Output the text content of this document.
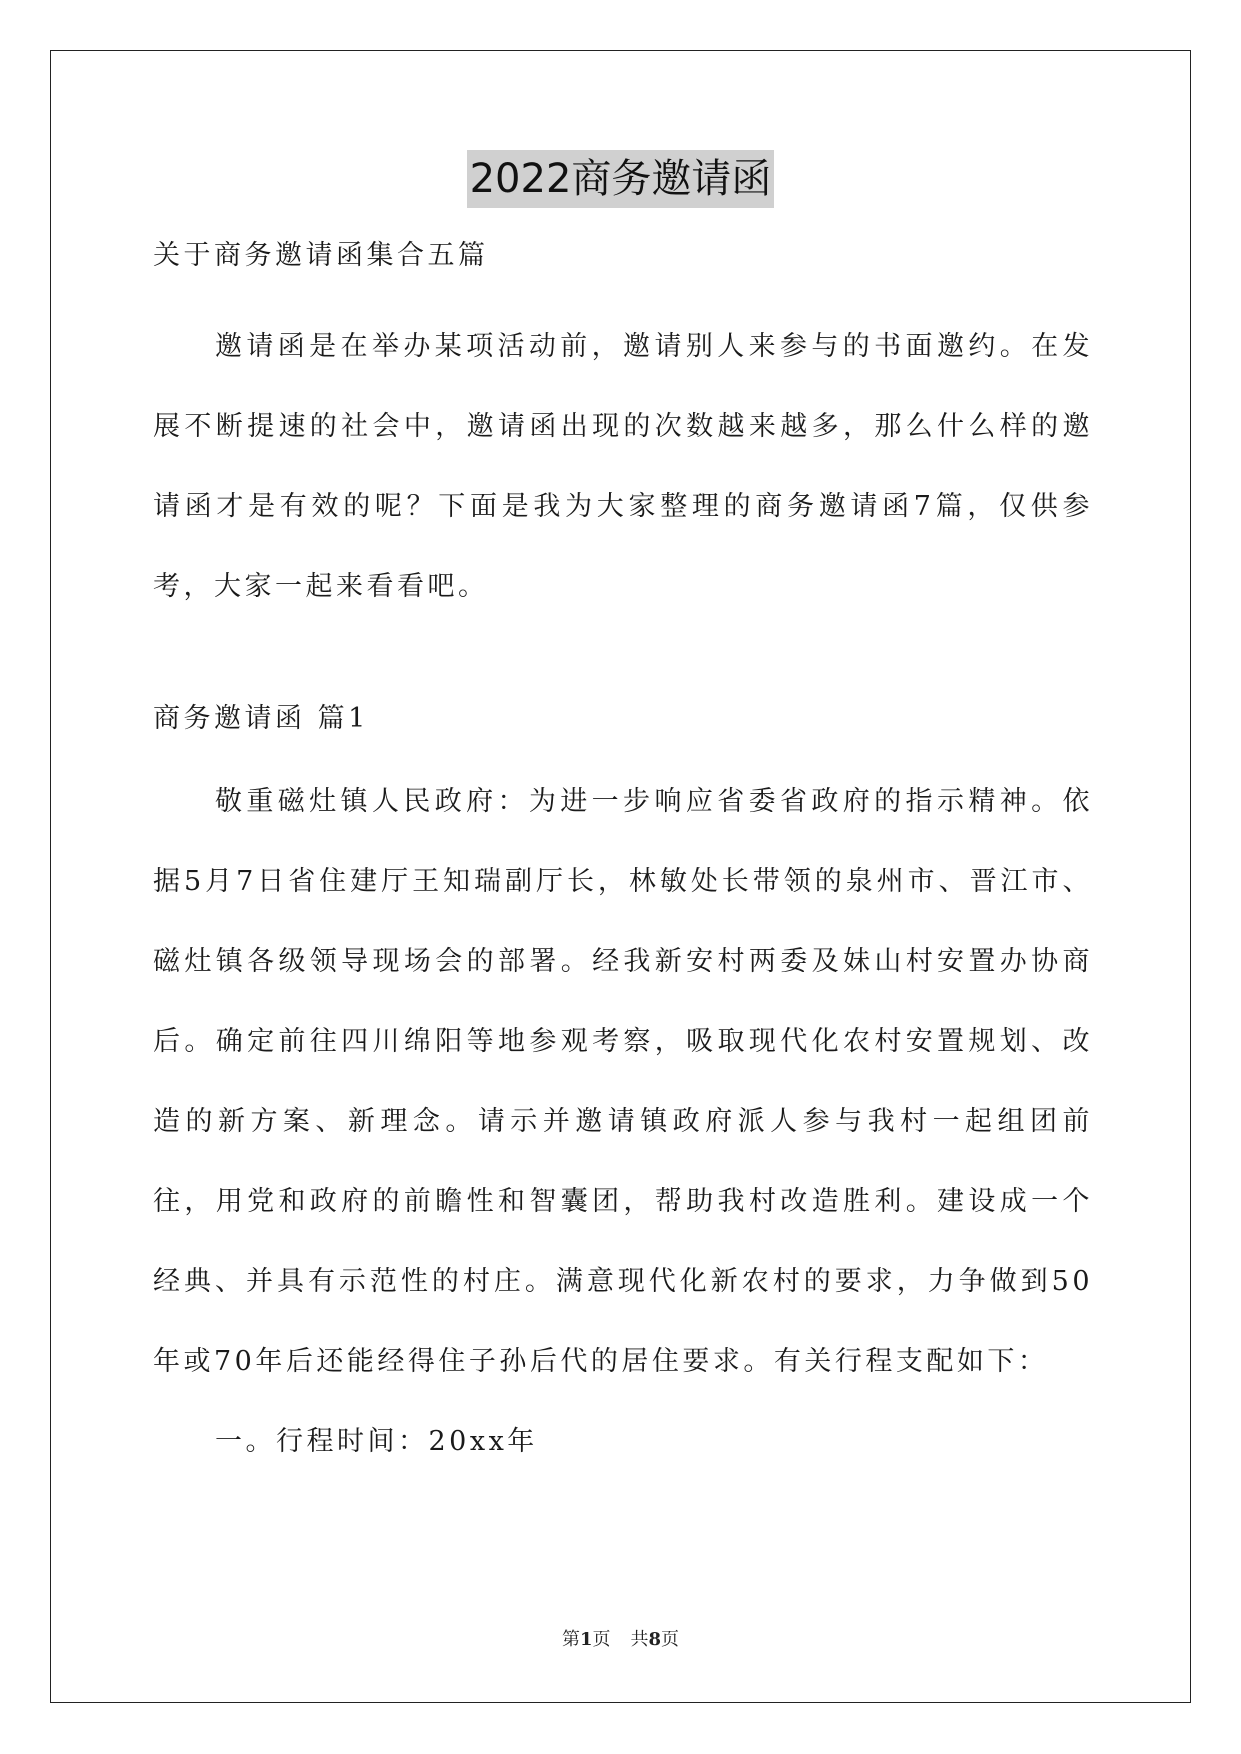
2022商务邀请函

关于商务邀请函集合五篇

邀请函是在举办某项活动前，邀请别人来参与的书面邀约。在发展不断提速的社会中，邀请函出现的次数越来越多，那么什么样的邀请函才是有效的呢？下面是我为大家整理的商务邀请函7篇，仅供参考，大家一起来看看吧。

商务邀请函 篇1

敬重磁灶镇人民政府：为进一步响应省委省政府的指示精神。依据5月7日省住建厅王知瑞副厅长，林敏处长带领的泉州市、晋江市、磁灶镇各级领导现场会的部署。经我新安村两委及妹山村安置办协商后。确定前往四川绵阳等地参观考察，吸取现代化农村安置规划、改造的新方案、新理念。请示并邀请镇政府派人参与我村一起组团前往，用党和政府的前瞻性和智囊团，帮助我村改造胜利。建设成一个经典、并具有示范性的村庄。满意现代化新农村的要求，力争做到50年或70年后还能经得住子孙后代的居住要求。有关行程支配如下：

一。行程时间：20xx年

第1页 共8页
